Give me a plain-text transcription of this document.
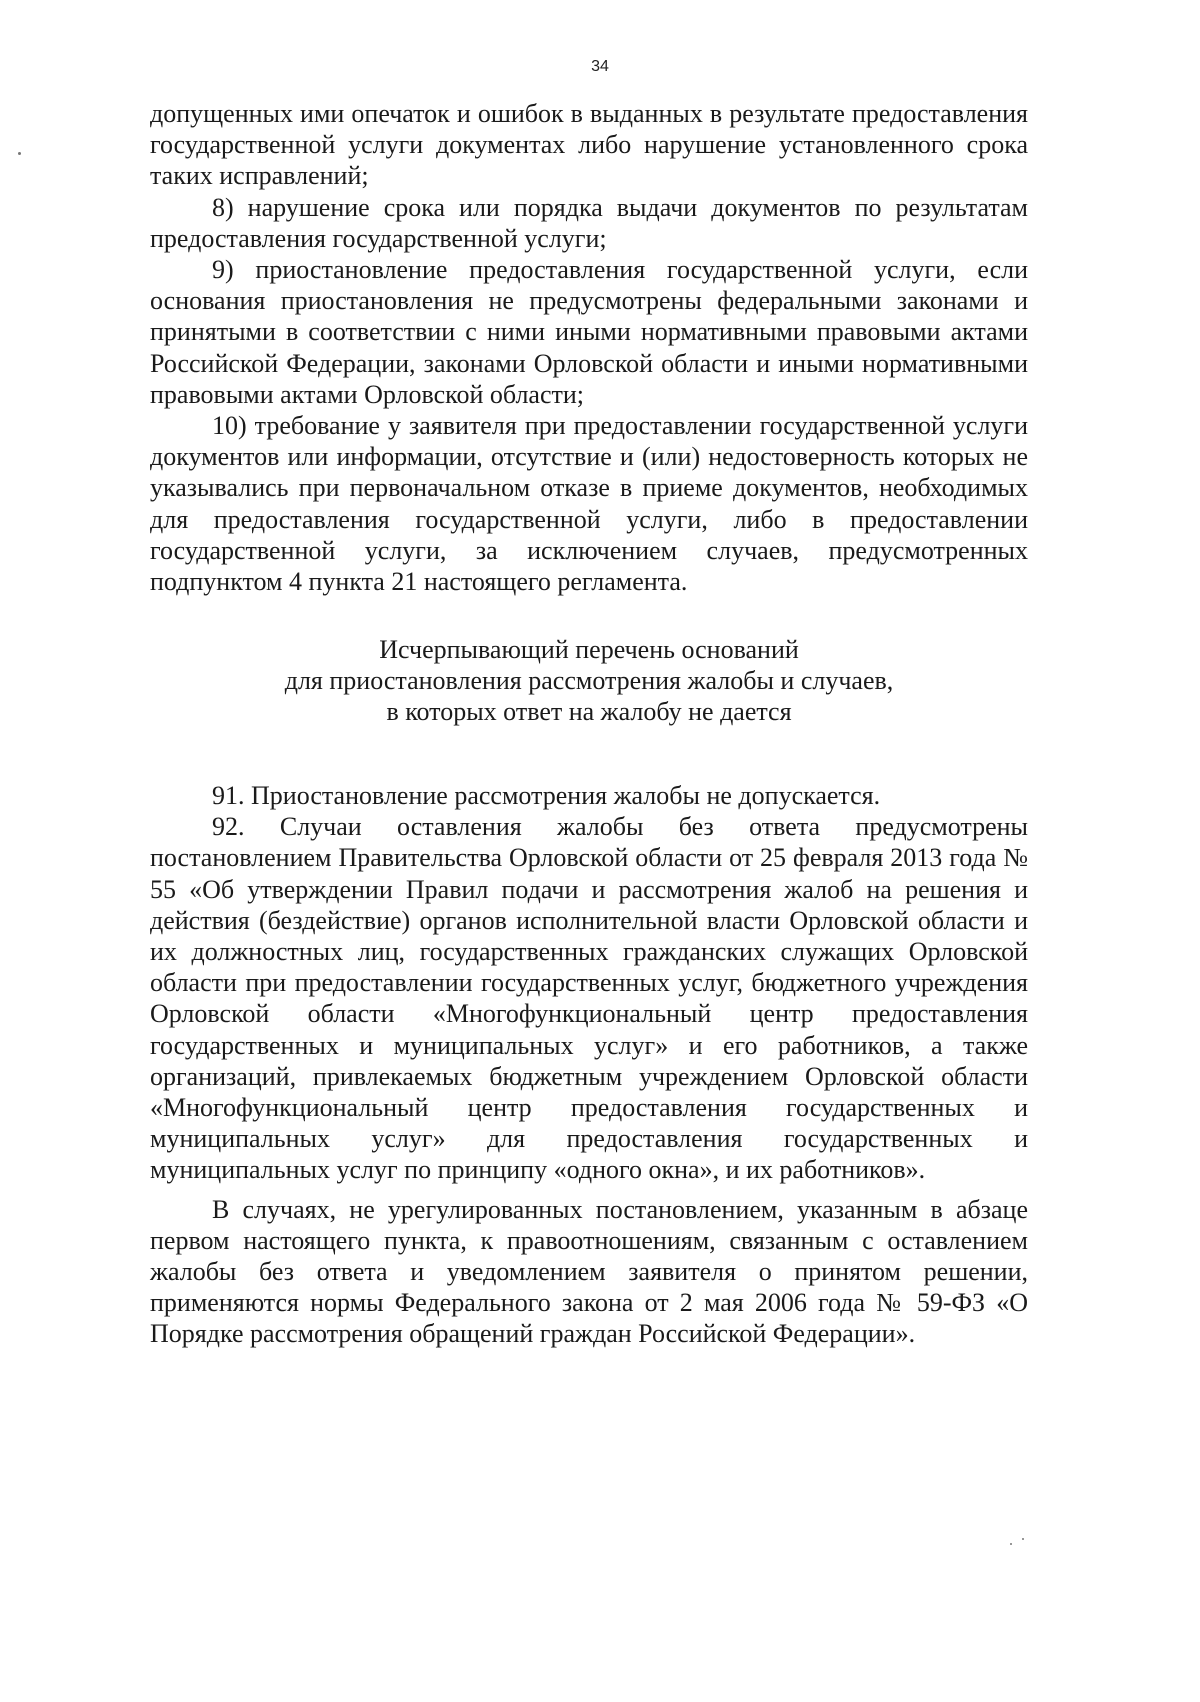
34

допущенных ими опечаток и ошибок в выданных в результате предоставления государственной услуги документах либо нарушение установленного срока таких исправлений;

8) нарушение срока или порядка выдачи документов по результатам предоставления государственной услуги;

9) приостановление предоставления государственной услуги, если основания приостановления не предусмотрены федеральными законами и принятыми в соответствии с ними иными нормативными правовыми актами Российской Федерации, законами Орловской области и иными нормативными правовыми актами Орловской области;

10) требование у заявителя при предоставлении государственной услуги документов или информации, отсутствие и (или) недостоверность которых не указывались при первоначальном отказе в приеме документов, необходимых для предоставления государственной услуги, либо в предоставлении государственной услуги, за исключением случаев, предусмотренных подпунктом 4 пункта 21 настоящего регламента.

Исчерпывающий перечень оснований
для приостановления рассмотрения жалобы и случаев,
в которых ответ на жалобу не дается

91. Приостановление рассмотрения жалобы не допускается.

92. Случаи оставления жалобы без ответа предусмотрены постановлением Правительства Орловской области от 25 февраля 2013 года № 55 «Об утверждении Правил подачи и рассмотрения жалоб на решения и действия (бездействие) органов исполнительной власти Орловской области и их должностных лиц, государственных гражданских служащих Орловской области при предоставлении государственных услуг, бюджетного учреждения Орловской области «Многофункциональный центр предоставления государственных и муниципальных услуг» и его работников, а также организаций, привлекаемых бюджетным учреждением Орловской области «Многофункциональный центр предоставления государственных и муниципальных услуг» для предоставления государственных и муниципальных услуг по принципу «одного окна», и их работников».

В случаях, не урегулированных постановлением, указанным в абзаце первом настоящего пункта, к правоотношениям, связанным с оставлением жалобы без ответа и уведомлением заявителя о принятом решении, применяются нормы Федерального закона от 2 мая 2006 года № 59-ФЗ «О Порядке рассмотрения обращений граждан Российской Федерации».
